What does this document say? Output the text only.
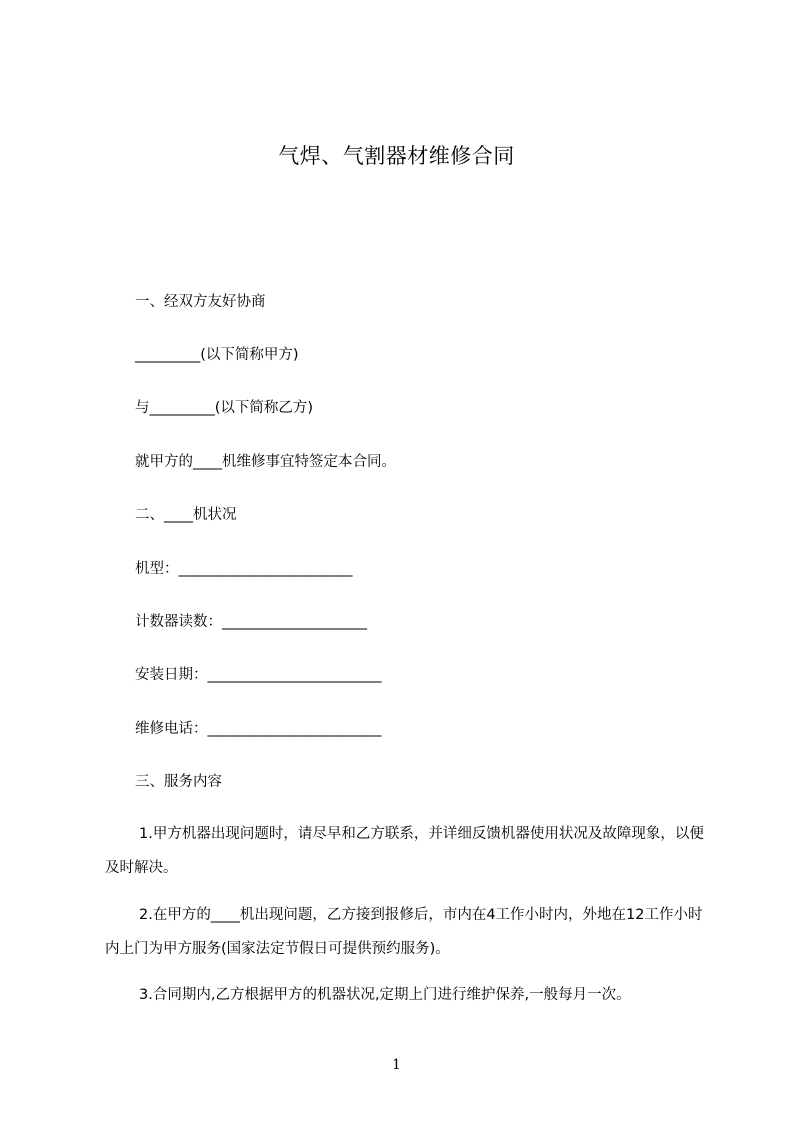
气焊、气割器材维修合同
一、经双方友好协商
_________(以下简称甲方)
与_________(以下简称乙方)
就甲方的____机维修事宜特签定本合同。
二、____机状况
机型：________________________
计数器读数：____________________
安装日期：________________________
维修电话：________________________
三、服务内容
1.甲方机器出现问题时，请尽早和乙方联系，并详细反馈机器使用状况及故障现象，以便及时解决。
2.在甲方的____机出现问题，乙方接到报修后，市内在4工作小时内，外地在12工作小时内上门为甲方服务(国家法定节假日可提供预约服务)。
3.合同期内,乙方根据甲方的机器状况,定期上门进行维护保养,一般每月一次。
1
